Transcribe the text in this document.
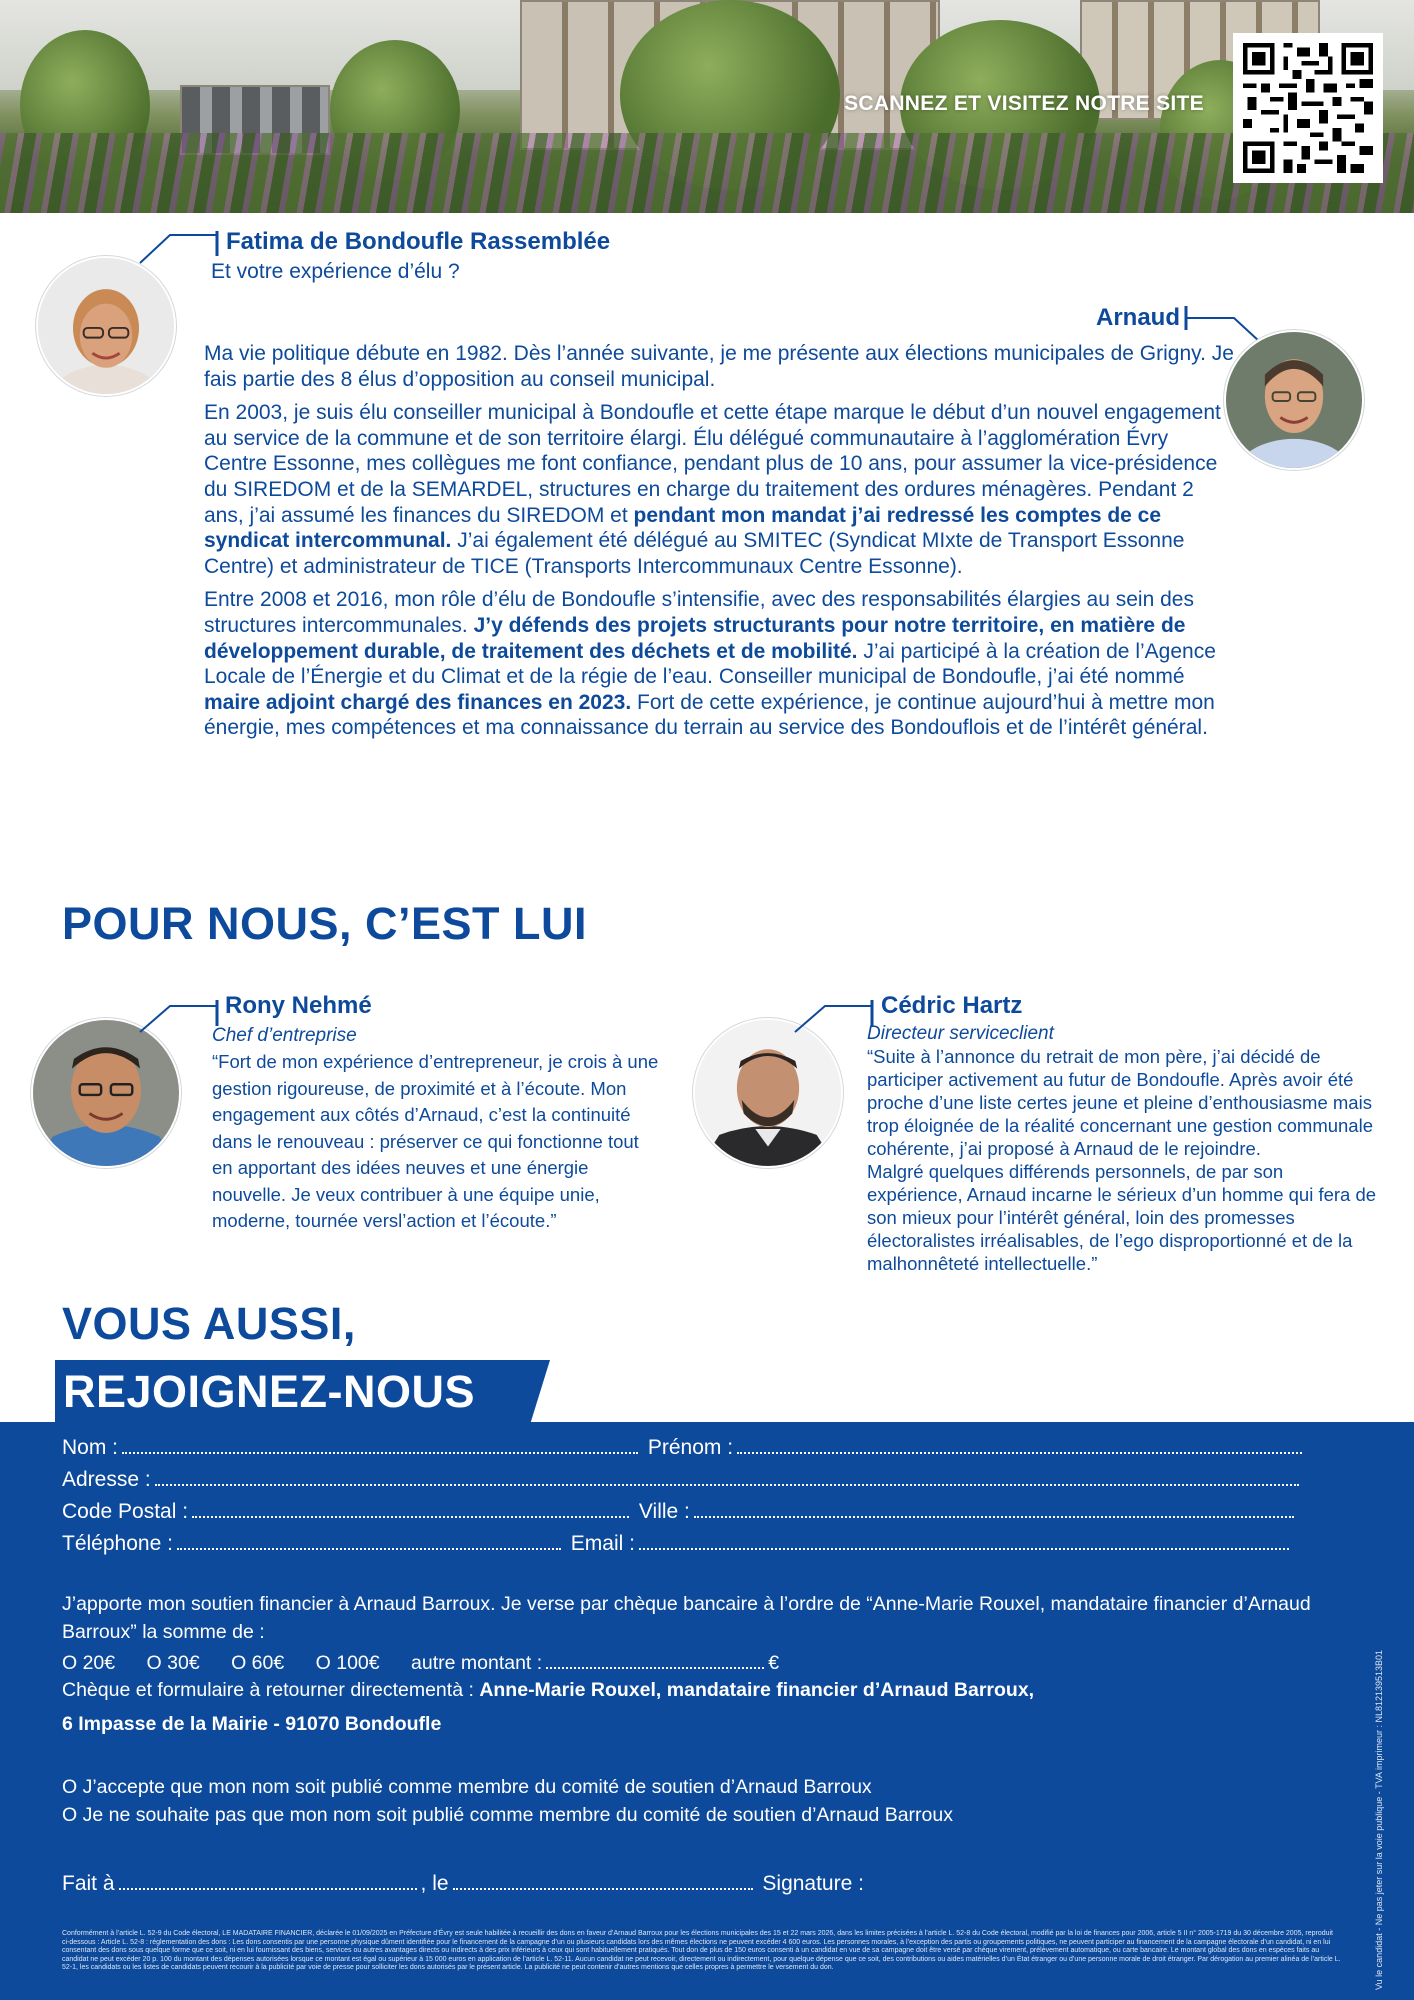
SCANNEZ ET VISITEZ NOTRE SITE
Fatima de Bondoufle Rassemblée
Et votre expérience d’élu ?
Arnaud

Ma vie politique débute en 1982. Dès l’année suivante, je me présente aux élections municipales de Grigny. Je fais partie des 8 élus d’opposition au conseil municipal.

En 2003, je suis élu conseiller municipal à Bondoufle et cette étape marque le début d’un nouvel engagement au service de la commune et de son territoire élargi. Élu délégué communautaire à l’agglomération Évry Centre Essonne, mes collègues me font confiance, pendant plus de 10 ans, pour assumer la vice-présidence du SIREDOM et de la SEMARDEL, structures en charge du traitement des ordures ménagères. Pendant 2 ans, j’ai assumé les finances du SIREDOM et pendant mon mandat j’ai redressé les comptes de ce syndicat intercommunal. J’ai également été délégué au SMITEC (Syndicat MIxte de Transport Essonne Centre) et administrateur de TICE (Transports Intercommunaux Centre Essonne).

Entre 2008 et 2016, mon rôle d’élu de Bondoufle s’intensifie, avec des responsabilités élargies au sein des structures intercommunales. J’y défends des projets structurants pour notre territoire, en matière de développement durable, de traitement des déchets et de mobilité. J’ai participé à la création de l’Agence Locale de l’Énergie et du Climat et de la régie de l’eau. Conseiller municipal de Bondoufle, j’ai été nommé maire adjoint chargé des finances en 2023. Fort de cette expérience, je continue aujourd’hui à mettre mon énergie, mes compétences et ma connaissance du terrain au service des Bondouflois et de l’intérêt général.

POUR NOUS, C’EST LUI
Rony Nehmé
Chef d’entreprise
“Fort de mon expérience d’entrepreneur, je crois à une gestion rigoureuse, de proximité et à l’écoute. Mon engagement aux côtés d’Arnaud, c’est la continuité dans le renouveau : préserver ce qui fonctionne tout en apportant des idées neuves et une énergie nouvelle. Je veux contribuer à une équipe unie, moderne, tournée versl’action et l’écoute.”
Cédric Hartz
Directeur serviceclient
“Suite à l’annonce du retrait de mon père, j’ai décidé de participer activement au futur de Bondoufle. Après avoir été proche d’une liste certes jeune et pleine d’enthousiasme mais trop éloignée de la réalité concernant une gestion communale cohérente, j’ai proposé à Arnaud de le rejoindre.
Malgré quelques différends personnels, de par son expérience, Arnaud incarne le sérieux d’un homme qui fera de son mieux pour l’intérêt général, loin des promesses électoralistes irréalisables, de l’ego disproportionné et de la malhonnêteté intellectuelle.”
VOUS AUSSI,
REJOIGNEZ-NOUS
Nom :	Prénom :
Adresse :
Code Postal :	Ville :
Téléphone :	Email :
J’apporte mon soutien financier à Arnaud Barroux. Je verse par chèque bancaire à l’ordre de “Anne-Marie Rouxel, mandataire financier d’Arnaud Barroux” la somme de :
O 20€ O 30€ O 60€ O 100€ autre montant :	€
Chèque et formulaire à retourner directementà : Anne-Marie Rouxel, mandataire financier d’Arnaud Barroux,
6 Impasse de la Mairie - 91070 Bondoufle
O J’accepte que mon nom soit publié comme membre du comité de soutien d’Arnaud Barroux
O Je ne souhaite pas que mon nom soit publié comme membre du comité de soutien d’Arnaud Barroux
Fait à	, le	Signature :
Conformément à l’article L. 52-9 du Code électoral, LE MADATAIRE FINANCIER, déclarée le 01/09/2025 en Préfecture d’Évry est seule habilitée à recueillir des dons en faveur d’Arnaud Barroux pour les élections municipales des 15 et 22 mars 2026, dans les limites précisées à l’article L. 52-8 du Code électoral, modifié par la loi de finances pour 2006, article 5 II n° 2005-1719 du 30 décembre 2005, reproduit ci-dessous : Article L. 52-8 : réglementation des dons : Les dons consentis par une personne physique dûment identifiée pour le financement de la campagne d’un ou plusieurs candidats lors des mêmes élections ne peuvent excéder 4 600 euros. Les personnes morales, à l’exception des partis ou groupements politiques, ne peuvent participer au financement de la campagne électorale d’un candidat, ni en lui consentant des dons sous quelque forme que ce soit, ni en lui fournissant des biens, services ou autres avantages directs ou indirects à des prix inférieurs à ceux qui sont habituellement pratiqués. Tout don de plus de 150 euros consenti à un candidat en vue de sa campagne doit être versé par chèque virement, prélèvement automatique, ou carte bancaire. Le montant global des dons en espèces faits au candidat ne peut excéder 20 p. 100 du montant des dépenses autorisées lorsque ce montant est égal ou supérieur à 15 000 euros en application de l’article L. 52-11. Aucun candidat ne peut recevoir, directement ou indirectement, pour quelque dépense que ce soit, des contributions ou aides matérielles d’un État étranger ou d’une personne morale de droit étranger. Par dérogation au premier alinéa de l’article L. 52-1, les candidats ou les listes de candidats peuvent recourir à la publicité par voie de presse pour solliciter les dons autorisés par le présent article. La publicité ne peut contenir d’autres mentions que celles propres à permettre le versement du don.	Vu le candidat - Ne pas jeter sur la voie publique - TVA imprimeur : NL812139513B01
